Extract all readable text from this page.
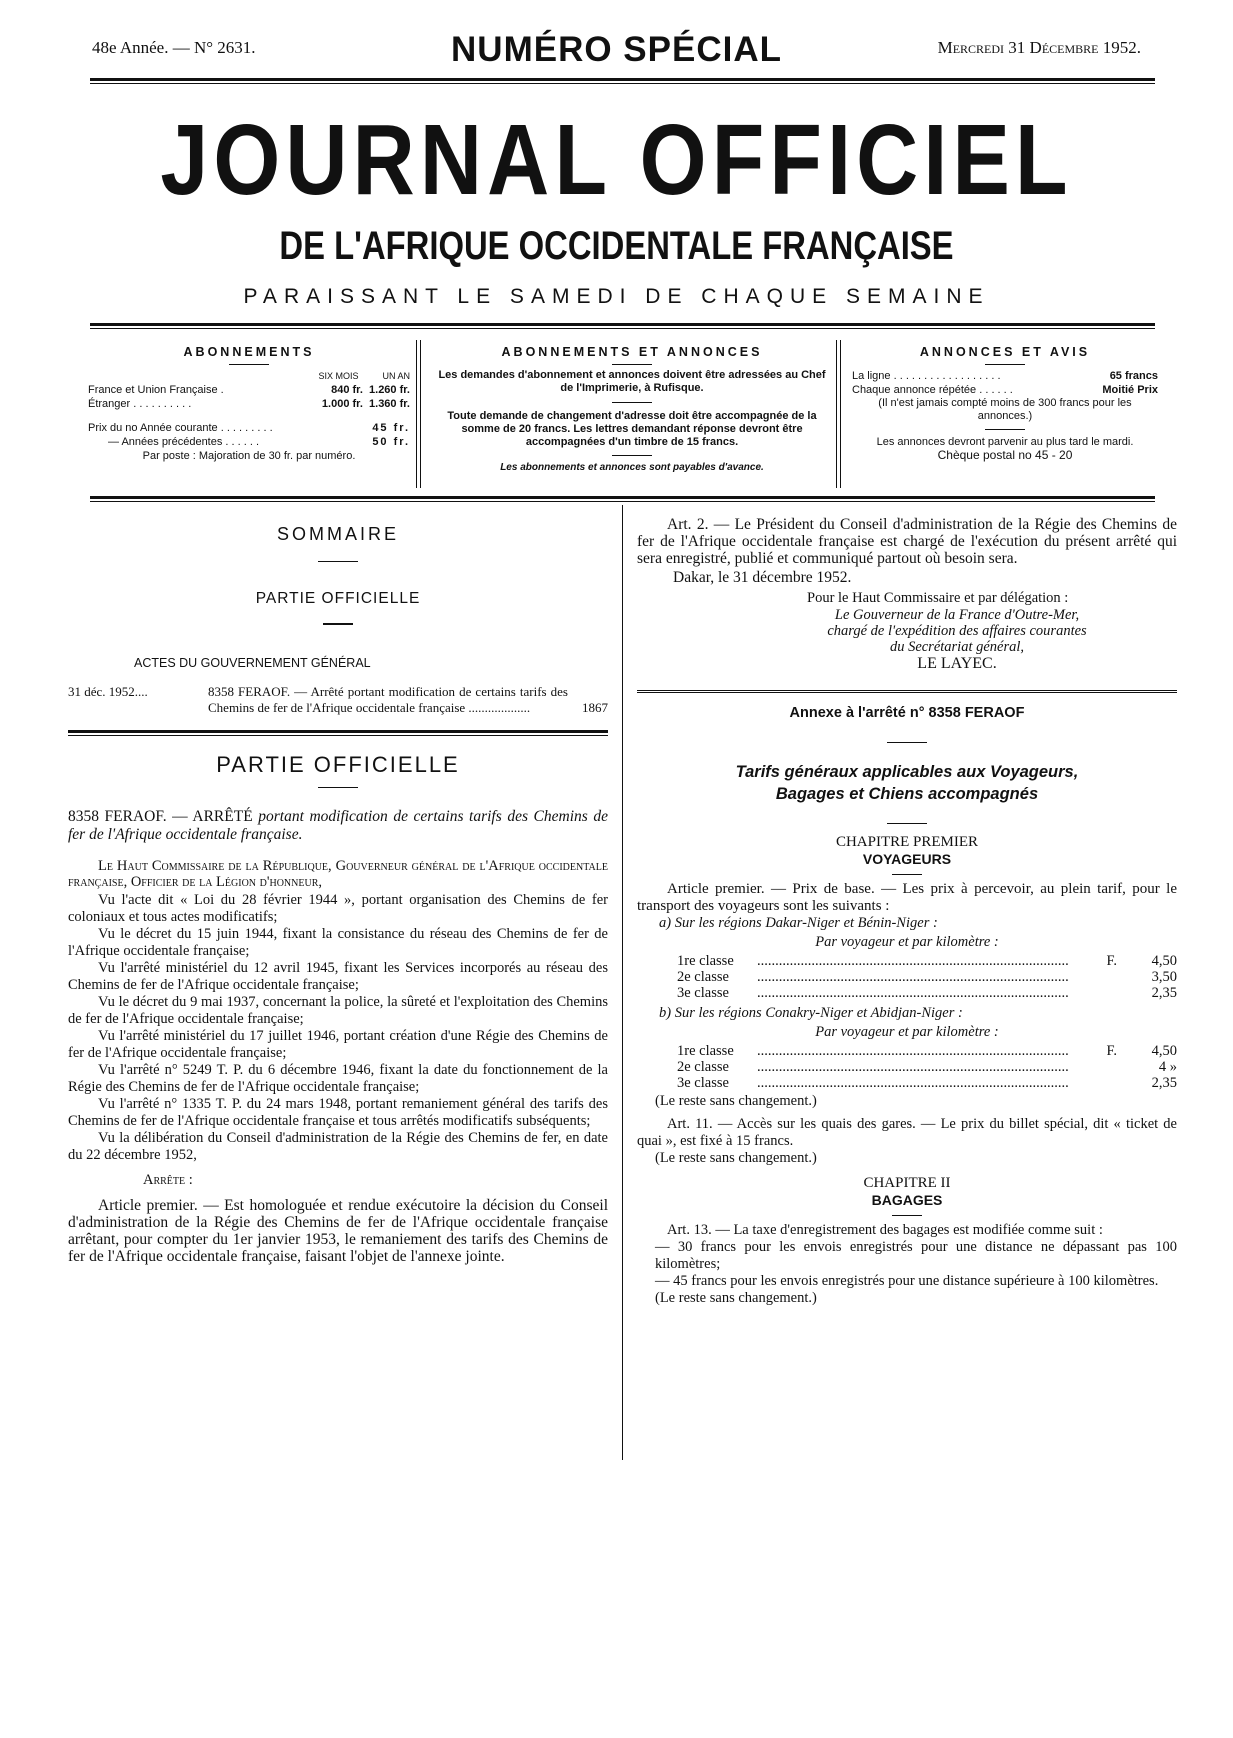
48e Année. — N° 2631.	NUMÉRO SPÉCIAL	Mercredi 31 Décembre 1952.
JOURNAL OFFICIEL
DE L'AFRIQUE OCCIDENTALE FRANÇAISE
PARAISSANT LE SAMEDI DE CHAQUE SEMAINE
ABONNEMENTS
SIX MOIS	UN AN
France et Union Française .	840 fr. 1.260 fr.
Étranger . . . . . . . . . .	1.000 fr. 1.360 fr.
Prix du no Année courante . . . . . . . . .	45 fr.
— Années précédentes . . . . . .	50 fr.
Par poste : Majoration de 30 fr. par numéro.
ABONNEMENTS ET ANNONCES

Les demandes d'abonnement et annonces doivent être adressées au Chef de l'Imprimerie, à Rufisque.

Toute demande de changement d'adresse doit être accompagnée de la somme de 20 francs. Les lettres demandant réponse devront être accompagnées d'un timbre de 15 francs.

Les abonnements et annonces sont payables d'avance.

ANNONCES ET AVIS
La ligne . . . . . . . . . . . . . . . . . .	65 francs
Chaque annonce répétée . . . . . .	Moitié Prix

(Il n'est jamais compté moins de 300 francs pour les annonces.)

Les annonces devront parvenir au plus tard le mardi.

Chèque postal no 45 - 20

SOMMAIRE

PARTIE OFFICIELLE

ACTES DU GOUVERNEMENT GÉNÉRAL

31 déc. 1952....	8358 FERAOF. — Arrêté portant modification de certains tarifs des Chemins de fer de l'Afrique occidentale française ...................	1867

PARTIE OFFICIELLE

8358 FERAOF. — ARRÊTÉ portant modification de certains tarifs des Chemins de fer de l'Afrique occidentale française.

Le Haut Commissaire de la République, Gouverneur général de l'Afrique occidentale française, Officier de la Légion d'honneur,

Vu l'acte dit « Loi du 28 février 1944 », portant organisation des Chemins de fer coloniaux et tous actes modificatifs;

Vu le décret du 15 juin 1944, fixant la consistance du réseau des Chemins de fer de l'Afrique occidentale française;

Vu l'arrêté ministériel du 12 avril 1945, fixant les Services incorporés au réseau des Chemins de fer de l'Afrique occidentale française;

Vu le décret du 9 mai 1937, concernant la police, la sûreté et l'exploitation des Chemins de fer de l'Afrique occidentale française;

Vu l'arrêté ministériel du 17 juillet 1946, portant création d'une Régie des Chemins de fer de l'Afrique occidentale française;

Vu l'arrêté n° 5249 T. P. du 6 décembre 1946, fixant la date du fonctionnement de la Régie des Chemins de fer de l'Afrique occidentale française;

Vu l'arrêté n° 1335 T. P. du 24 mars 1948, portant remaniement général des tarifs des Chemins de fer de l'Afrique occidentale française et tous arrêtés modificatifs subséquents;

Vu la délibération du Conseil d'administration de la Régie des Chemins de fer, en date du 22 décembre 1952,

Arrête :

Article premier. — Est homologuée et rendue exécutoire la décision du Conseil d'administration de la Régie des Chemins de fer de l'Afrique occidentale française arrêtant, pour compter du 1er janvier 1953, le remaniement des tarifs des Chemins de fer de l'Afrique occidentale française, faisant l'objet de l'annexe jointe.

Art. 2. — Le Président du Conseil d'administration de la Régie des Chemins de fer de l'Afrique occidentale française est chargé de l'exécution du présent arrêté qui sera enregistré, publié et communiqué partout où besoin sera.

Dakar, le 31 décembre 1952.

Pour le Haut Commissaire et par délégation :

Le Gouverneur de la France d'Outre-Mer,

chargé de l'expédition des affaires courantes

du Secrétariat général,

LE LAYEC.

Annexe à l'arrêté n° 8358 FERAOF

Tarifs généraux applicables aux Voyageurs,

Bagages et Chiens accompagnés

CHAPITRE PREMIER

VOYAGEURS

Article premier. — Prix de base. — Les prix à percevoir, au plein tarif, pour le transport des voyageurs sont les suivants :

a) Sur les régions Dakar-Niger et Bénin-Niger :

Par voyageur et par kilomètre :

1re classe	......................................................................................	F.	4,50
2e classe	......................................................................................	3,50
3e classe	......................................................................................	2,35

b) Sur les régions Conakry-Niger et Abidjan-Niger :

Par voyageur et par kilomètre :

1re classe	......................................................................................	F.	4,50
2e classe	......................................................................................	4 »
3e classe	......................................................................................	2,35

(Le reste sans changement.)

Art. 11. — Accès sur les quais des gares. — Le prix du billet spécial, dit « ticket de quai », est fixé à 15 francs.

(Le reste sans changement.)

CHAPITRE II

BAGAGES

Art. 13. — La taxe d'enregistrement des bagages est modifiée comme suit :

— 30 francs pour les envois enregistrés pour une distance ne dépassant pas 100 kilomètres;

— 45 francs pour les envois enregistrés pour une distance supérieure à 100 kilomètres.

(Le reste sans changement.)
